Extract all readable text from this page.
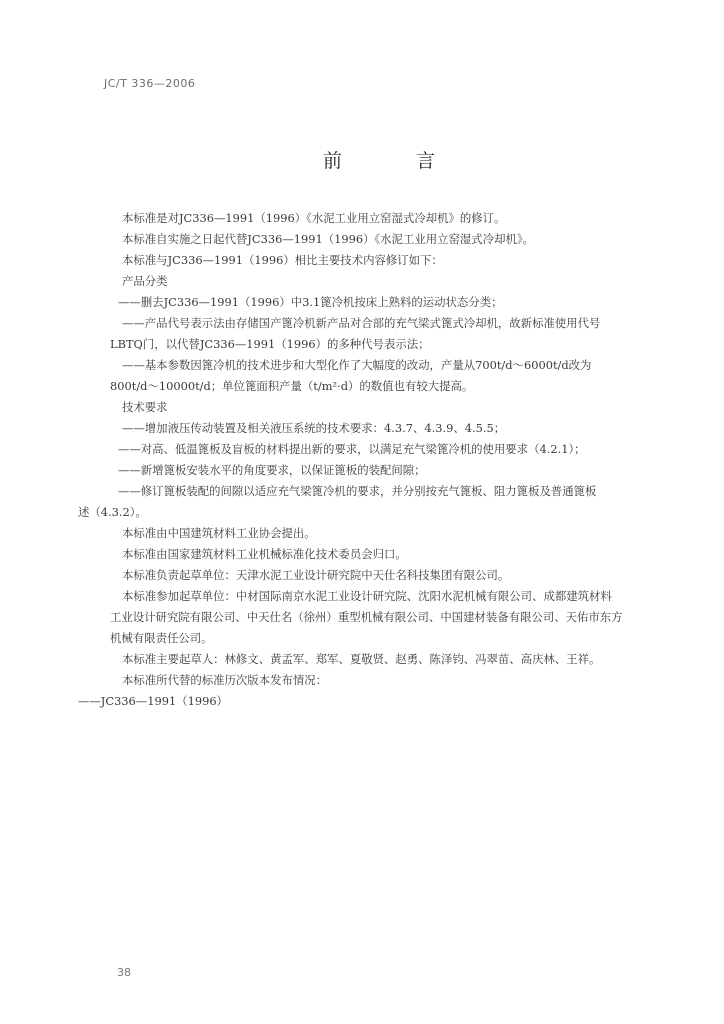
JC/T 336—2006
前 言

本标准是对JC336—1991（1996）《水泥工业用立窑湿式冷却机》的修订。

本标准自实施之日起代替JC336—1991（1996）《水泥工业用立窑湿式冷却机》。

本标准与JC336—1991（1996）相比主要技术内容修订如下：

产品分类

——删去JC336—1991（1996）中3.1篦冷机按床上熟料的运动状态分类；

——产品代号表示法由存储国产篦冷机新产品对合部的充气梁式篦式冷却机，故新标准使用代号

LBTQ门，以代替JC336—1991（1996）的多种代号表示法；

——基本参数因篦冷机的技术进步和大型化作了大幅度的改动，产量从700t/d～6000t/d改为

800t/d～10000t/d；单位篦面积产量（t/m²·d）的数值也有较大提高。

技术要求

——增加液压传动装置及相关液压系统的技术要求：4.3.7、4.3.9、4.5.5；

——对高、低温篦板及盲板的材料提出新的要求，以满足充气梁篦冷机的使用要求（4.2.1）；

——新增篦板安装水平的角度要求，以保证篦板的装配间隙；

——修订篦板装配的间隙以适应充气梁篦冷机的要求，并分别按充气篦板、阻力篦板及普通篦板

述（4.3.2）。

本标准由中国建筑材料工业协会提出。

本标准由国家建筑材料工业机械标准化技术委员会归口。

本标准负责起草单位：天津水泥工业设计研究院中天仕名科技集团有限公司。

本标准参加起草单位：中材国际南京水泥工业设计研究院、沈阳水泥机械有限公司、成都建筑材料

工业设计研究院有限公司、中天仕名（徐州）重型机械有限公司、中国建材装备有限公司、天佑市东方

机械有限责任公司。

本标准主要起草人：林修文、黄孟军、郑军、夏敬贤、赵勇、陈泽钧、冯翠苗、高庆林、王祥。

本标准所代替的标准历次版本发布情况：

——JC336—1991（1996）

38
